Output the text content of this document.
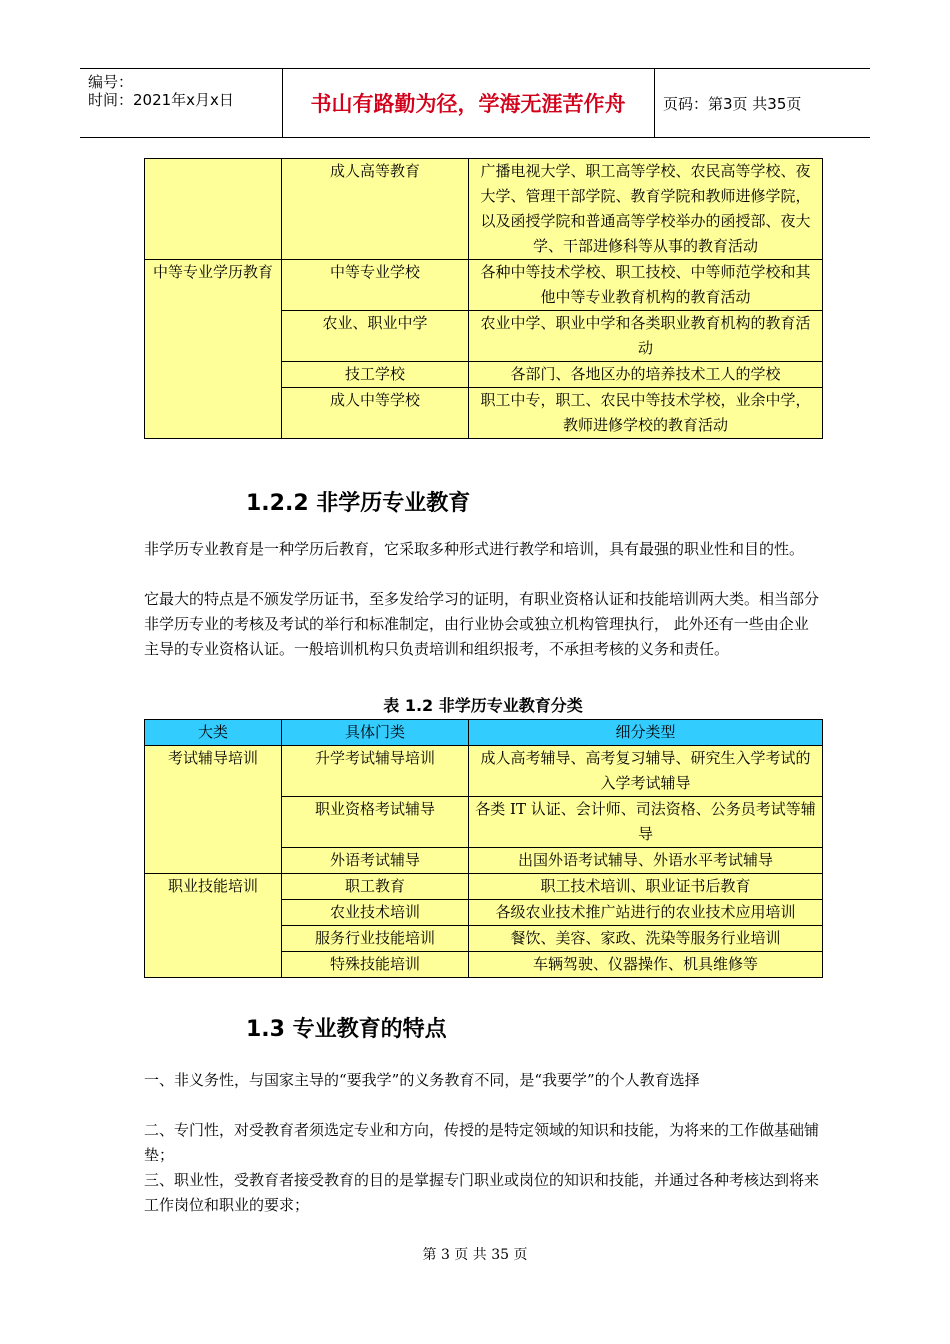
编号：
时间：2021年x月x日	书山有路勤为径，学海无涯苦作舟	页码：第3页 共35页
	成人高等教育	广播电视大学、职工高等学校、农民高等学校、夜大学、管理干部学院、教育学院和教师进修学院，以及函授学院和普通高等学校举办的函授部、夜大学、干部进修科等从事的教育活动
中等专业学历教育	中等专业学校	各种中等技术学校、职工技校、中等师范学校和其他中等专业教育机构的教育活动
	农业、职业中学	农业中学、职业中学和各类职业教育机构的教育活动
	技工学校	各部门、各地区办的培养技术工人的学校
	成人中等学校	职工中专，职工、农民中等技术学校，业余中学，教师进修学校的教育活动
1.2.2 非学历专业教育

非学历专业教育是一种学历后教育，它采取多种形式进行教学和培训，具有最强的职业性和目的性。

它最大的特点是不颁发学历证书，至多发给学习的证明，有职业资格认证和技能培训两大类。相当部分非学历专业的考核及考试的举行和标准制定，由行业协会或独立机构管理执行， 此外还有一些由企业主导的专业资格认证。一般培训机构只负责培训和组织报考，不承担考核的义务和责任。

表 1.2 非学历专业教育分类
大类	具体门类	细分类型
考试辅导培训	升学考试辅导培训	成人高考辅导、高考复习辅导、研究生入学考试的入学考试辅导
	职业资格考试辅导	各类 IT 认证、会计师、司法资格、公务员考试等辅导
	外语考试辅导	出国外语考试辅导、外语水平考试辅导
职业技能培训	职工教育	职工技术培训、职业证书后教育
	农业技术培训	各级农业技术推广站进行的农业技术应用培训
	服务行业技能培训	餐饮、美容、家政、洗染等服务行业培训
	特殊技能培训	车辆驾驶、仪器操作、机具维修等
1.3 专业教育的特点

一、非义务性，与国家主导的“要我学”的义务教育不同，是“我要学”的个人教育选择

二、专门性，对受教育者须选定专业和方向，传授的是特定领域的知识和技能，为将来的工作做基础铺垫；

三、职业性，受教育者接受教育的目的是掌握专门职业或岗位的知识和技能，并通过各种考核达到将来工作岗位和职业的要求；

第 3 页 共 35 页
